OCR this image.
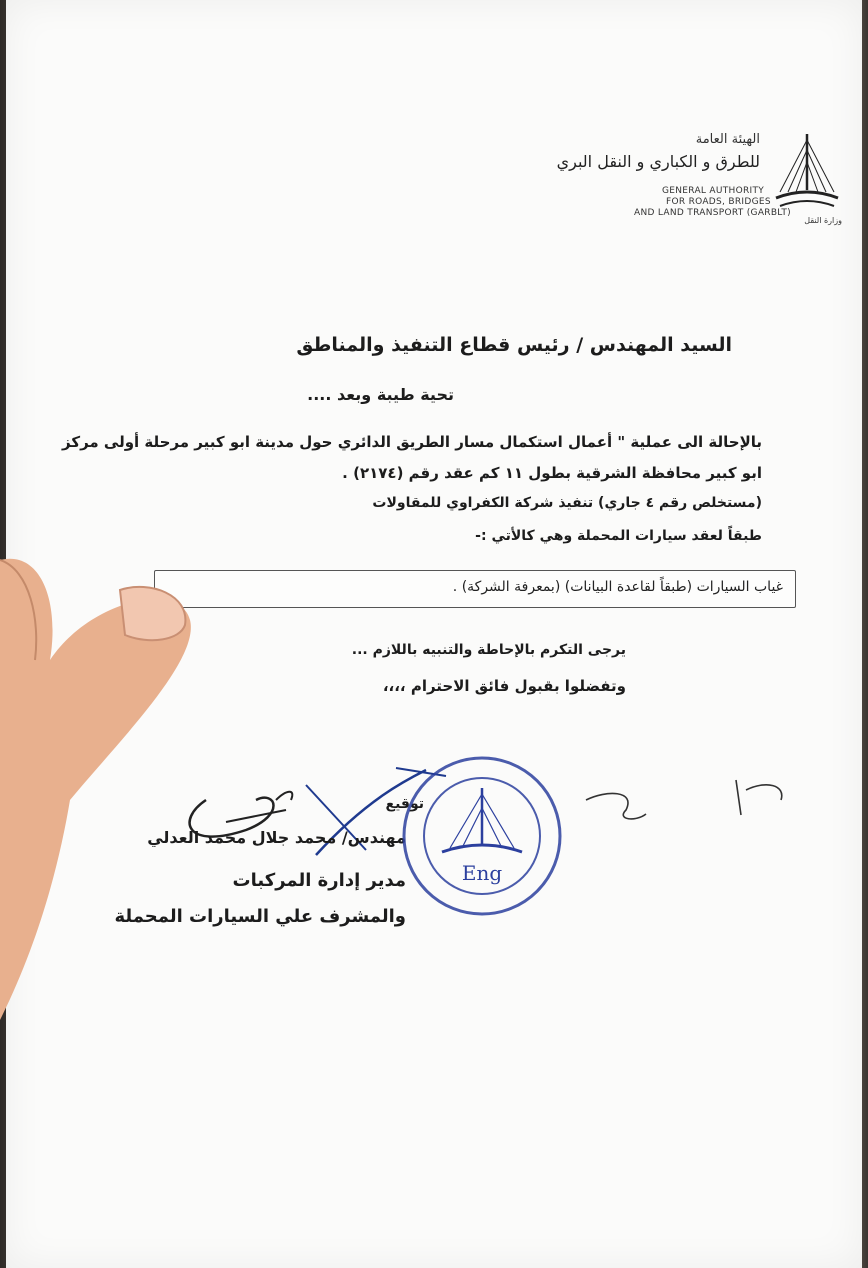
الهيئة العامة
للطرق و الكباري و النقل البري
GENERAL AUTHORITY
FOR ROADS, BRIDGES
AND LAND TRANSPORT (GARBLT)
وزارة النقل
السيد المهندس / رئيس قطاع التنفيذ والمناطق
تحية طيبة وبعد ....
بالإحالة الى عملية " أعمال استكمال مسار الطريق الدائري حول مدينة ابو كبير مرحلة أولى مركز
ابو كبير محافظة الشرقية بطول ١١ كم عقد رقم (٢١٧٤) .
(مستخلص رقم ٤ جاري) تنفيذ شركة الكفراوي للمقاولات
طبقاً لعقد سيارات المحملة وهي كالأتي :-
غياب السيارات (طبقاً لقاعدة البيانات) (بمعرفة الشركة) .
يرجى التكرم بالإحاطة والتنبيه باللازم ...
وتفضلوا بقبول فائق الاحترام ،،،،
توقيع
مهندس/ محمد جلال محمد العدلي
مدير إدارة المركبات
والمشرف علي السيارات المحملة
Eng
